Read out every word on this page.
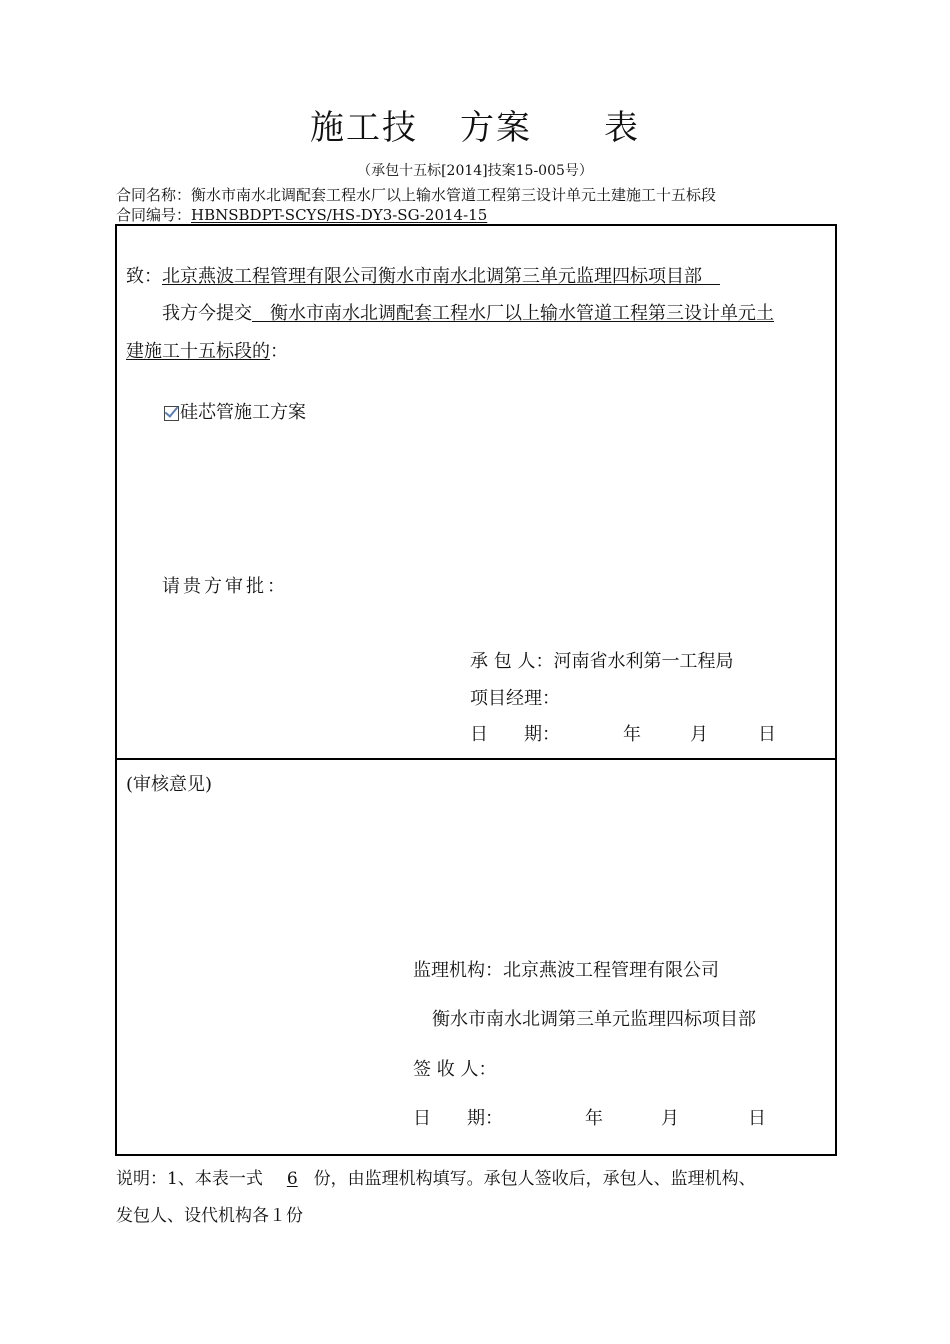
施工技 方案 表
（承包十五标[2014]技案15-005号）
合同名称：衡水市南水北调配套工程水厂以上输水管道工程第三设计单元土建施工十五标段
合同编号：HBNSBDPT-SCYS/HS-DY3-SG-2014-15
致：北京燕波工程管理有限公司衡水市南水北调第三单元监理四标项目部　
我方今提交　 衡水市南水北调配套工程水厂以上输水管道工程第三设计单元土
建施工十五标段的：
硅芯管施工方案
请贵方审批：
承 包 人：河南省水利第一工程局
项目经理：
日　　期：	年	月	日
(审核意见)
监理机构：北京燕波工程管理有限公司
衡水市南水北调第三单元监理四标项目部
签 收 人：
日　　期：	年	月	日
说明：1、本表一式 6 份，由监理机构填写。承包人签收后，承包人、监理机构、
发包人、设代机构各１份
